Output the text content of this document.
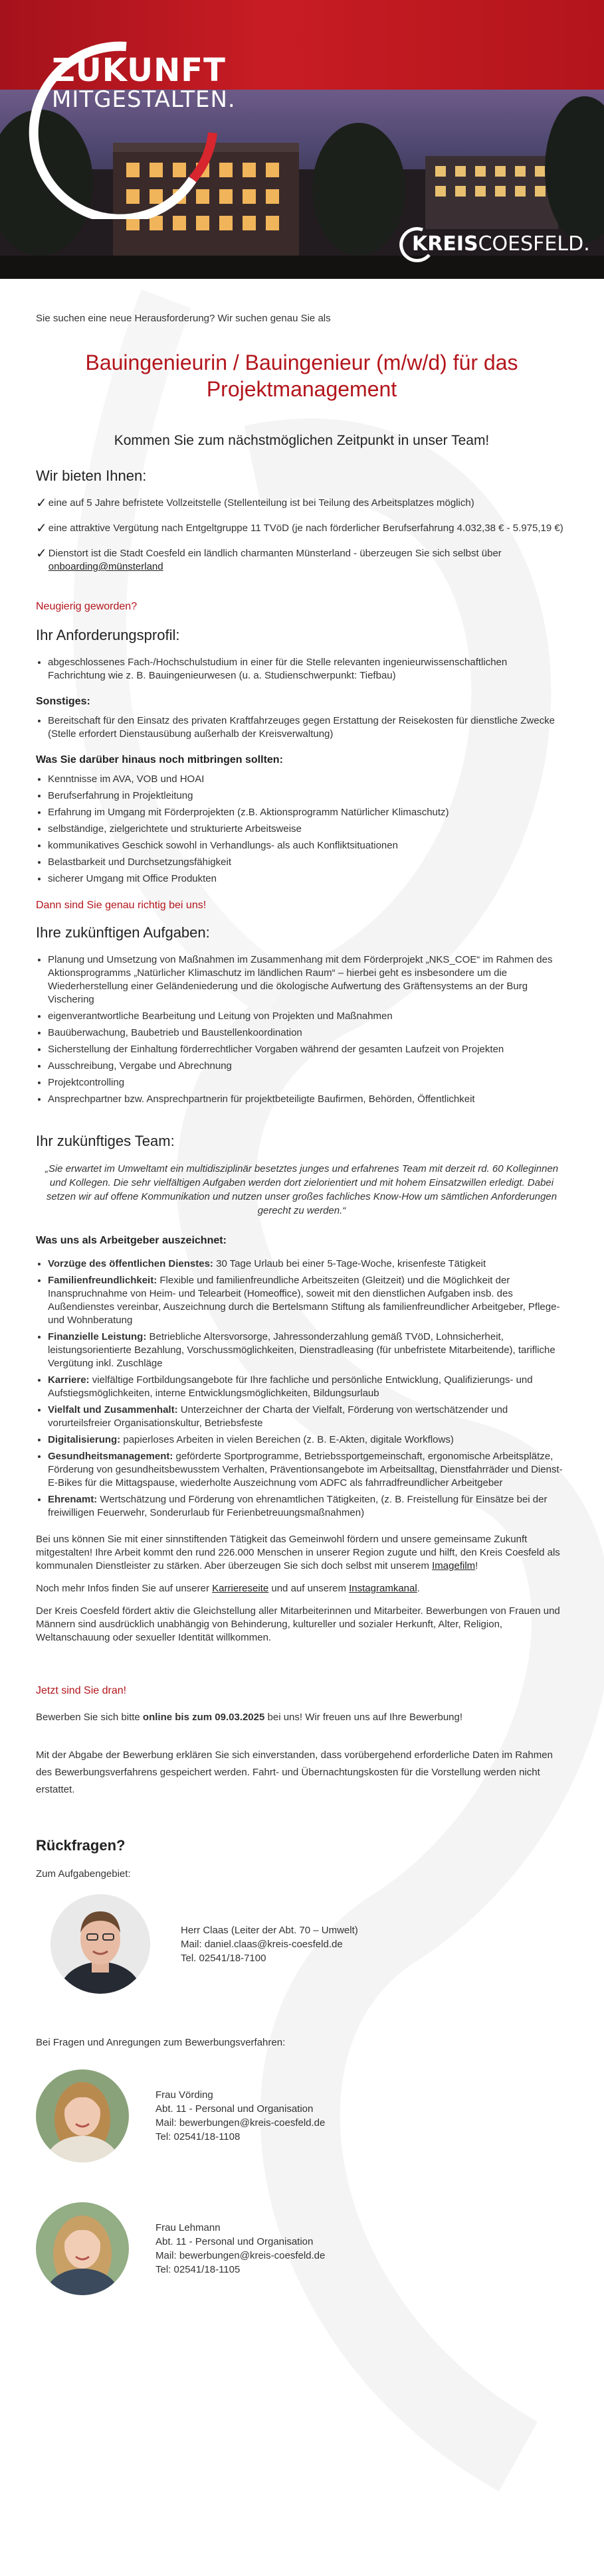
ZUKUNFT
MITGESTALTEN.
KREISCOESFELD.

Sie suchen eine neue Herausforderung? Wir suchen genau Sie als

Bauingenieurin / Bauingenieur (m/w/d) für das Projektmanagement
Kommen Sie zum nächstmöglichen Zeitpunkt in unser Team!
Wir bieten Ihnen:
✓ eine auf 5 Jahre befristete Vollzeitstelle (Stellenteilung ist bei Teilung des Arbeitsplatzes möglich)
✓ eine attraktive Vergütung nach Entgeltgruppe 11 TVöD (je nach förderlicher Berufserfahrung 4.032,38 € - 5.975,19 €)
✓ Dienstort ist die Stadt Coesfeld ein ländlich charmanten Münsterland - überzeugen Sie sich selbst über onboarding@münsterland

Neugierig geworden?

Ihr Anforderungsprofil:
• abgeschlossenes Fach-/Hochschulstudium in einer für die Stelle relevanten ingenieurwissenschaftlichen Fachrichtung wie z. B. Bauingenieurwesen (u. a. Studienschwerpunkt: Tiefbau)
Sonstiges:
• Bereitschaft für den Einsatz des privaten Kraftfahrzeuges gegen Erstattung der Reisekosten für dienstliche Zwecke (Stelle erfordert Dienstausübung außerhalb der Kreisverwaltung)
Was Sie darüber hinaus noch mitbringen sollten:
• Kenntnisse im AVA, VOB und HOAI
• Berufserfahrung in Projektleitung
• Erfahrung im Umgang mit Förderprojekten (z.B. Aktionsprogramm Natürlicher Klimaschutz)
• selbständige, zielgerichtete und strukturierte Arbeitsweise
• kommunikatives Geschick sowohl in Verhandlungs- als auch Konfliktsituationen
• Belastbarkeit und Durchsetzungsfähigkeit
• sicherer Umgang mit Office Produkten

Dann sind Sie genau richtig bei uns!

Ihre zukünftigen Aufgaben:
• Planung und Umsetzung von Maßnahmen im Zusammenhang mit dem Förderprojekt „NKS_COE“ im Rahmen des Aktionsprogramms „Natürlicher Klimaschutz im ländlichen Raum“ – hierbei geht es insbesondere um die Wiederherstellung einer Geländeniederung und die ökologische Aufwertung des Gräftensystems an der Burg Vischering
• eigenverantwortliche Bearbeitung und Leitung von Projekten und Maßnahmen
• Bauüberwachung, Baubetrieb und Baustellenkoordination
• Sicherstellung der Einhaltung förderrechtlicher Vorgaben während der gesamten Laufzeit von Projekten
• Ausschreibung, Vergabe und Abrechnung
• Projektcontrolling
• Ansprechpartner bzw. Ansprechpartnerin für projektbeteiligte Baufirmen, Behörden, Öffentlichkeit
Ihr zukünftiges Team:

„Sie erwartet im Umweltamt ein multidisziplinär besetztes junges und erfahrenes Team mit derzeit rd. 60 Kolleginnen und Kollegen. Die sehr vielfältigen Aufgaben werden dort zielorientiert und mit hohem Einsatzwillen erledigt. Dabei setzen wir auf offene Kommunikation und nutzen unser großes fachliches Know-How um sämtlichen Anforderungen gerecht zu werden.“

Was uns als Arbeitgeber auszeichnet:
• Vorzüge des öffentlichen Dienstes: 30 Tage Urlaub bei einer 5-Tage-Woche, krisenfeste Tätigkeit
• Familienfreundlichkeit: Flexible und familienfreundliche Arbeitszeiten (Gleitzeit) und die Möglichkeit der Inanspruchnahme von Heim- und Telearbeit (Homeoffice), soweit mit den dienstlichen Aufgaben insb. des Außendienstes vereinbar, Auszeichnung durch die Bertelsmann Stiftung als familienfreundlicher Arbeitgeber, Pflege- und Wohnberatung
• Finanzielle Leistung: Betriebliche Altersvorsorge, Jahressonderzahlung gemäß TVöD, Lohnsicherheit, leistungsorientierte Bezahlung, Vorschussmöglichkeiten, Dienstradleasing (für unbefristete Mitarbeitende), tarifliche Vergütung inkl. Zuschläge
• Karriere: vielfältige Fortbildungsangebote für Ihre fachliche und persönliche Entwicklung, Qualifizierungs- und Aufstiegsmöglichkeiten, interne Entwicklungsmöglichkeiten, Bildungsurlaub
• Vielfalt und Zusammenhalt: Unterzeichner der Charta der Vielfalt, Förderung von wertschätzender und vorurteilsfreier Organisationskultur, Betriebsfeste
• Digitalisierung: papierloses Arbeiten in vielen Bereichen (z. B. E-Akten, digitale Workflows)
• Gesundheitsmanagement: geförderte Sportprogramme, Betriebssportgemeinschaft, ergonomische Arbeitsplätze, Förderung von gesundheitsbewusstem Verhalten, Präventionsangebote im Arbeitsalltag, Dienstfahrräder und Dienst-E-Bikes für die Mittagspause, wiederholte Auszeichnung vom ADFC als fahrradfreundlicher Arbeitgeber
• Ehrenamt: Wertschätzung und Förderung von ehrenamtlichen Tätigkeiten, (z. B. Freistellung für Einsätze bei der freiwilligen Feuerwehr, Sonderurlaub für Ferienbetreuungsmaßnahmen)

Bei uns können Sie mit einer sinnstiftenden Tätigkeit das Gemeinwohl fördern und unsere gemeinsame Zukunft mitgestalten! Ihre Arbeit kommt den rund 226.000 Menschen in unserer Region zugute und hilft, den Kreis Coesfeld als kommunalen Dienstleister zu stärken. Aber überzeugen Sie sich doch selbst mit unserem Imagefilm!

Noch mehr Infos finden Sie auf unserer Karriereseite und auf unserem Instagramkanal.

Der Kreis Coesfeld fördert aktiv die Gleichstellung aller Mitarbeiterinnen und Mitarbeiter. Bewerbungen von Frauen und Männern sind ausdrücklich unabhängig von Behinderung, kultureller und sozialer Herkunft, Alter, Religion, Weltanschauung oder sexueller Identität willkommen.

Jetzt sind Sie dran!

Bewerben Sie sich bitte online bis zum 09.03.2025 bei uns! Wir freuen uns auf Ihre Bewerbung!

Mit der Abgabe der Bewerbung erklären Sie sich einverstanden, dass vorübergehend erforderliche Daten im Rahmen des Bewerbungsverfahrens gespeichert werden. Fahrt- und Übernachtungskosten für die Vorstellung werden nicht erstattet.

Rückfragen?

Zum Aufgabengebiet:

Herr Claas (Leiter der Abt. 70 – Umwelt)
Mail: daniel.claas@kreis-coesfeld.de
Tel. 02541/18-7100

Bei Fragen und Anregungen zum Bewerbungsverfahren:

Frau Vörding
Abt. 11 - Personal und Organisation
Mail: bewerbungen@kreis-coesfeld.de
Tel: 02541/18-1108
Frau Lehmann
Abt. 11 - Personal und Organisation
Mail: bewerbungen@kreis-coesfeld.de
Tel: 02541/18-1105
